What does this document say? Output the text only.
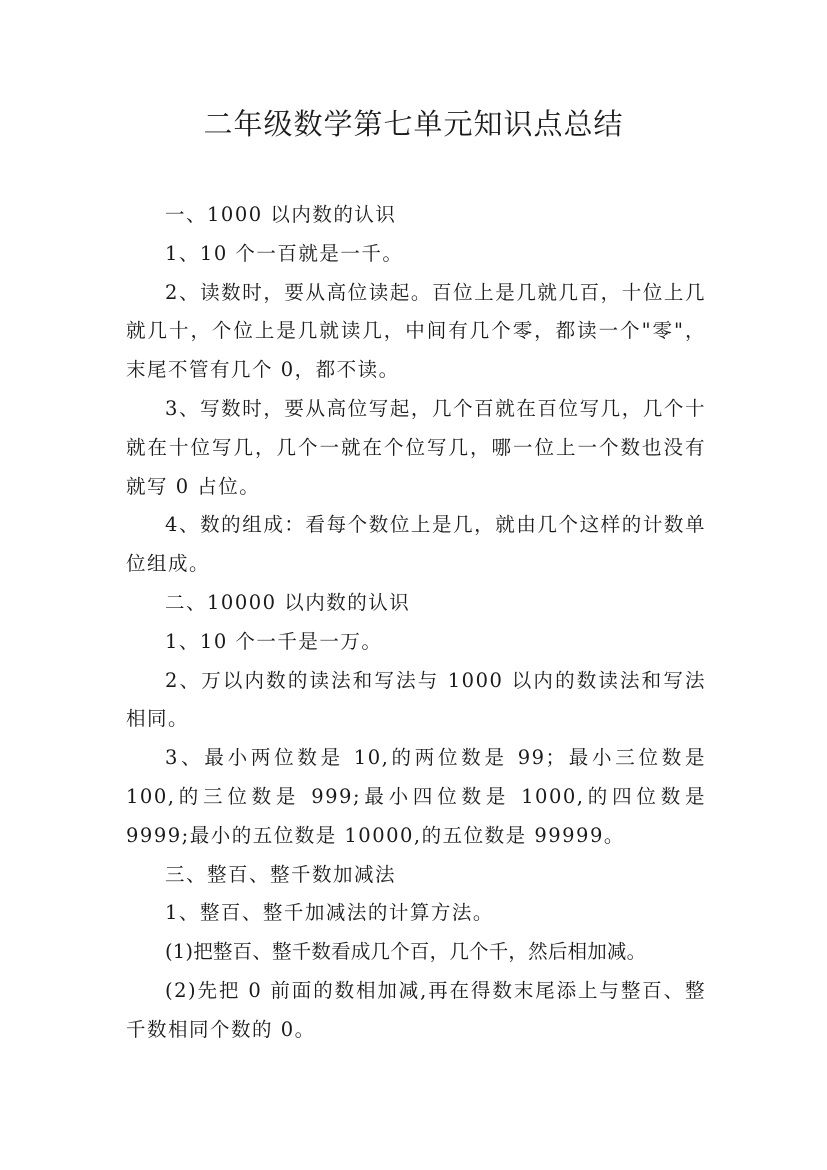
二年级数学第七单元知识点总结

一、1000 以内数的认识

1、10 个一百就是一千。

2、读数时，要从高位读起。百位上是几就几百，十位上几就几十，个位上是几就读几，中间有几个零，都读一个"零"，末尾不管有几个 0，都不读。

3、写数时，要从高位写起，几个百就在百位写几，几个十就在十位写几，几个一就在个位写几，哪一位上一个数也没有就写 0 占位。

4、数的组成：看每个数位上是几，就由几个这样的计数单位组成。

二、10000 以内数的认识

1、10 个一千是一万。

2、万以内数的读法和写法与 1000 以内的数读法和写法相同。

3、最小两位数是 10,的两位数是 99；最小三位数是 100,的三位数是 999;最小四位数是 1000,的四位数是 9999;最小的五位数是 10000,的五位数是 99999。

三、整百、整千数加减法

1、整百、整千加减法的计算方法。

(1)把整百、整千数看成几个百，几个千，然后相加减。

(2)先把 0 前面的数相加减,再在得数末尾添上与整百、整千数相同个数的 0。
